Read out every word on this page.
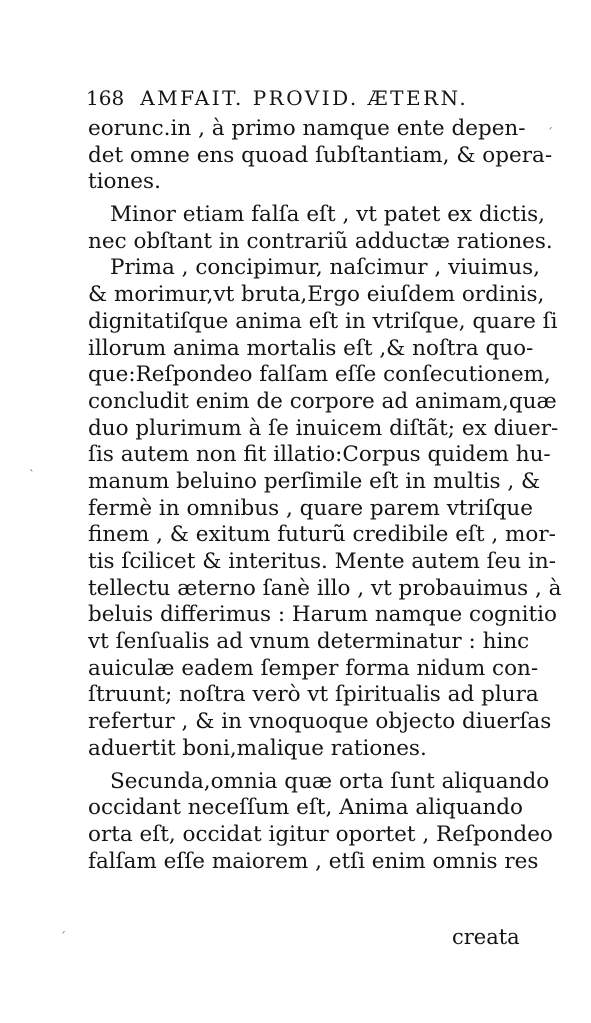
168 AMFAIT. PROVID. ÆTERN.
eorunc.in , à primo namque ente depen-
det omne ens quoad ſubſtantiam, & opera-
tiones.
Minor etiam falſa eſt , vt patet ex dictis,
nec obſtant in contrariũ adductæ rationes.
Prima , concipimur, naſcimur , viuimus,
& morimur,vt bruta,Ergo eiuſdem ordinis,
dignitatiſque anima eſt in vtriſque, quare ſi
illorum anima mortalis eſt ,& noſtra quo-
que:Reſpondeo falſam eſſe conſecutionem,
concludit enim de corpore ad animam,quæ
duo plurimum à ſe inuicem diſtãt; ex diuer-
ſis autem non fit illatio:Corpus quidem hu-
manum beluino perſimile eſt in multis , &
fermè in omnibus , quare parem vtriſque
finem , & exitum futurũ credibile eſt , mor-
tis ſcilicet & interitus. Mente autem ſeu in-
tellectu æterno ſanè illo , vt probauimus , à
beluis differimus : Harum namque cognitio
vt ſenſualis ad vnum determinatur : hinc
auiculæ eadem ſemper forma nidum con-
ſtruunt; noſtra verò vt ſpiritualis ad plura
refertur , & in vnoquoque objecto diuerſas
aduertit boni,malique rationes.
Secunda,omnia quæ orta ſunt aliquando
occidant neceſſum eſt, Anima aliquando
orta eſt, occidat igitur oportet , Reſpondeo
falſam eſſe maiorem , etſi enim omnis res
creata
ˋ
ˊ
ˊ
